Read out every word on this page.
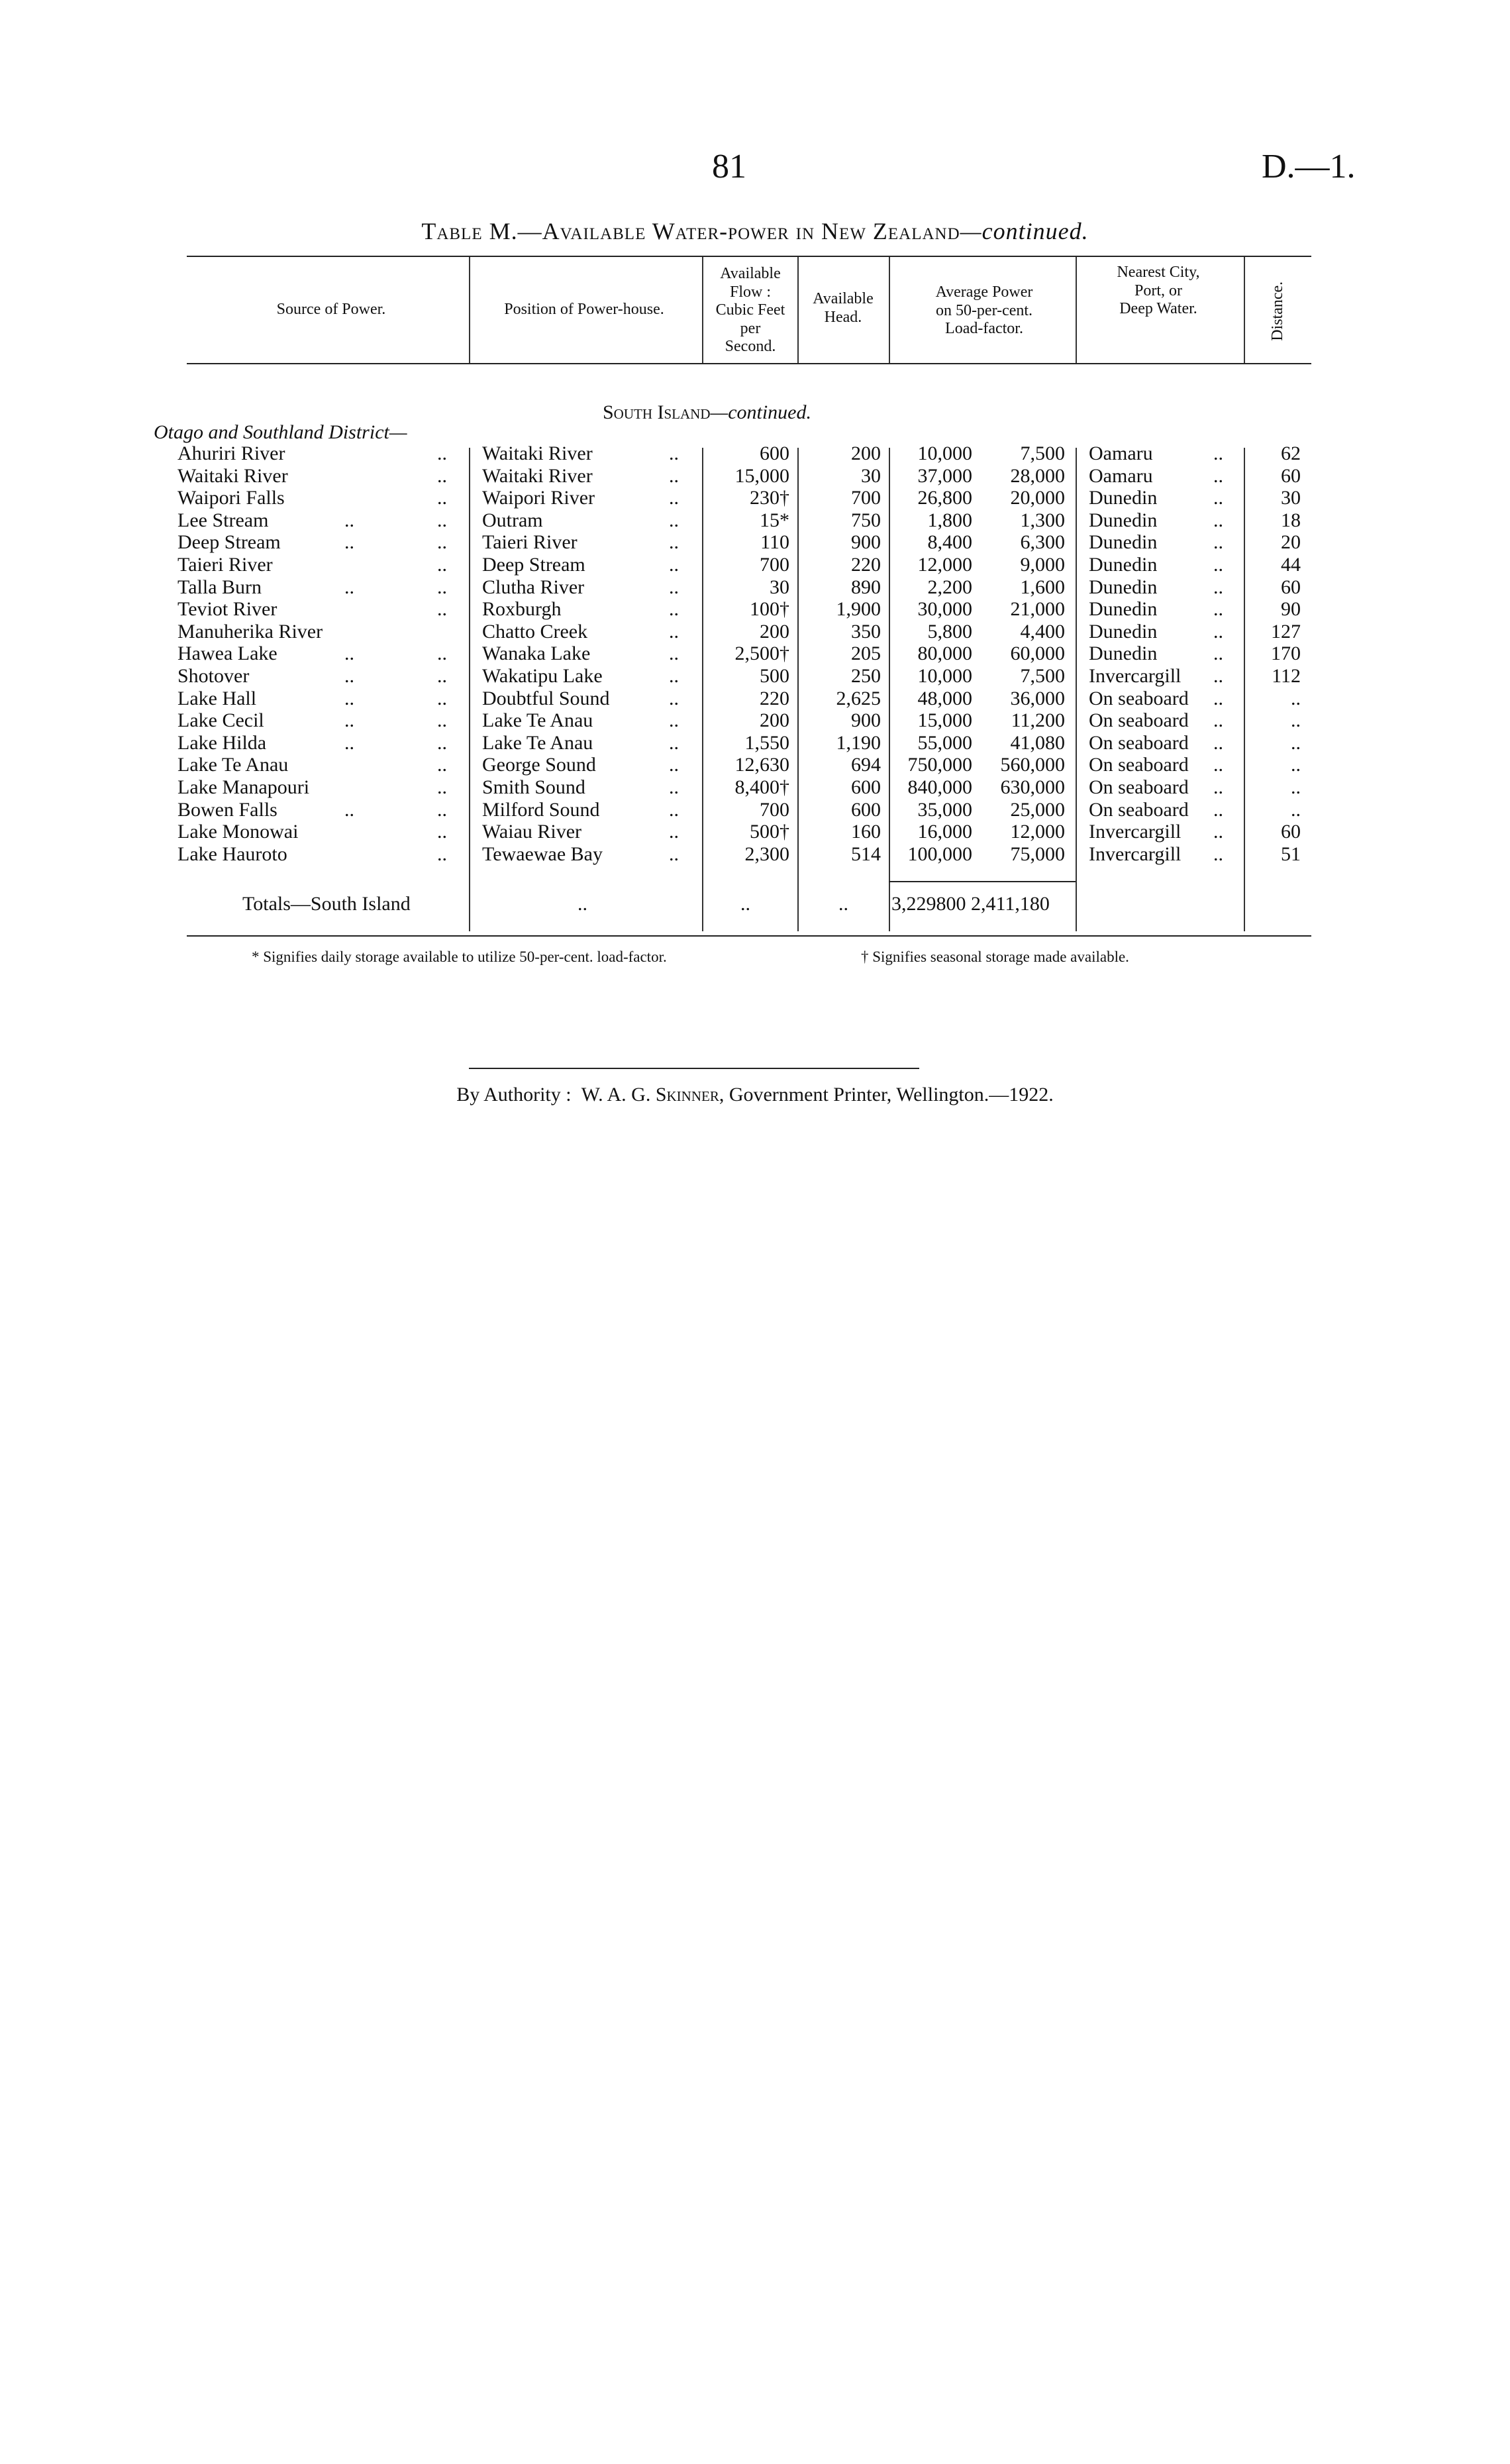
81	D.—1.
Table M.—Available Water-power in New Zealand—continued.
Source of Power.	Position of Power-house.
Available
Flow :
Cubic Feet
per
Second.
Available
Head.
Average Power
on 50-per-cent.
Load-factor.
Nearest City,
Port, or
Deep Water.	Distance.
South Island—continued.
Otago and Southland District—
Ahuriri River	.. Waitaki River	..	600	200	10,000	7,500 Oamaru	..	62
Waitaki River	.. Waitaki River	..	15,000	30	37,000	28,000 Oamaru	..	60
Waipori Falls	.. Waipori River	..	230†	700	26,800	20,000 Dunedin	..	30
Lee Stream	..	.. Outram	..	15*	750	1,800	1,300 Dunedin	..	18
Deep Stream	..	.. Taieri River	..	110	900	8,400	6,300 Dunedin	..	20
Taieri River	.. Deep Stream	..	700	220	12,000	9,000 Dunedin	..	44
Talla Burn	..	.. Clutha River	..	30	890	2,200	1,600 Dunedin	..	60
Teviot River	.. Roxburgh	..	100†	1,900	30,000	21,000 Dunedin	..	90
Manuherika River	Chatto Creek	..	200	350	5,800	4,400 Dunedin	..	127
Hawea Lake	..	.. Wanaka Lake	..	2,500†	205	80,000	60,000 Dunedin	..	170
Shotover	..	.. Wakatipu Lake	..	500	250	10,000	7,500 Invercargill ..	112
Lake Hall	..	.. Doubtful Sound	..	220	2,625	48,000	36,000 On seaboard ..	..
Lake Cecil	..	.. Lake Te Anau	..	200	900	15,000	11,200 On seaboard ..	..
Lake Hilda	..	.. Lake Te Anau	..	1,550	1,190	55,000	41,080 On seaboard ..	..
Lake Te Anau	.. George Sound	..	12,630	694	750,000	560,000 On seaboard ..	..
Lake Manapouri	.. Smith Sound	..	8,400†	600	840,000	630,000 On seaboard ..	..
Bowen Falls	..	.. Milford Sound	..	700	600	35,000	25,000 On seaboard ..	..
Lake Monowai	.. Waiau River	..	500†	160	16,000	12,000 Invercargill ..	60
Lake Hauroto	.. Tewaewae Bay	..	2,300	514	100,000	75,000 Invercargill ..	51
Totals—South Island	..	..	.. 3,229800 2,411,180
* Signifies daily storage available to utilize 50-per-cent. load-factor.	† Signifies seasonal storage made available.
By Authority : W. A. G. Skinner, Government Printer, Wellington.—1922.
